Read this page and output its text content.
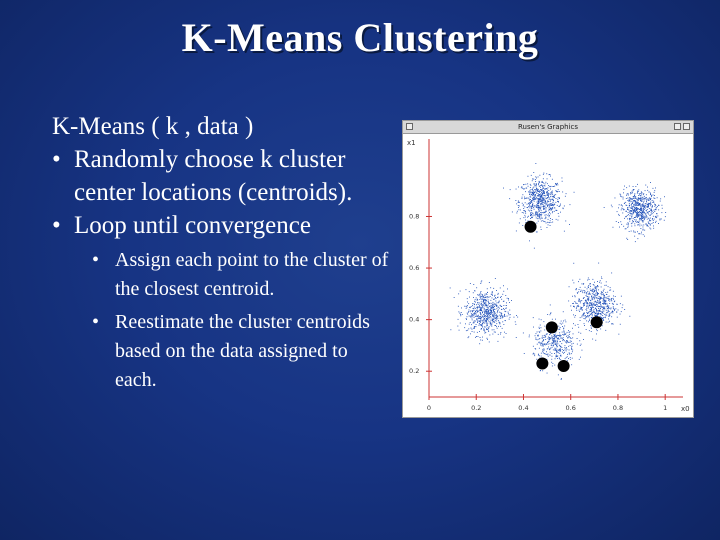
K-Means Clustering
K-Means ( k , data )
• Randomly choose k cluster center locations (centroids).
• Loop until convergence
• Assign each point to the cluster of the closest centroid.
• Reestimate the cluster centroids based on the data assigned to each.
Rusen's Graphics
x1
x0
0	0.2	0.4	0.6	0.8	1
0.2
0.4
0.6
0.8
